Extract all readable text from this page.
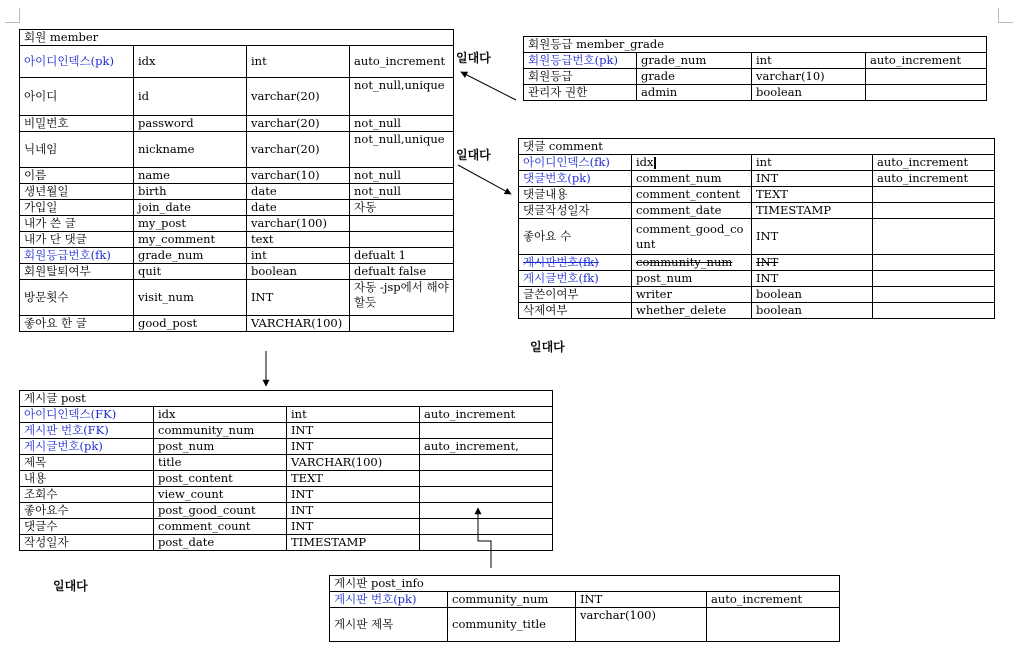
회원 member			
아이디인덱스(pk)	idx	int	auto_increment
아이디	id	varchar(20)	not_null,unique
비밀번호	password	varchar(20)	not_null
닉네임	nickname	varchar(20)	not_null,unique
이름	name	varchar(10)	not_null
생년월일	birth	date	not_null
가입일	join_date	date	자동
내가 쓴 글	my_post	varchar(100)	
내가 단 댓글	my_comment	text	
회원등급번호(fk)	grade_num	int	defualt 1
회원탈퇴여부	quit	boolean	defualt false
방문횟수	visit_num	INT	자동 -jsp에서 해야할듯
좋아요 한 글	good_post	VARCHAR(100)	
회원등급 member_grade			
회원등급번호(pk)	grade_num	int	auto_increment
회원등급	grade	varchar(10)	
관리자 권한	admin	boolean	
댓글 comment			
아이디인덱스(fk)	idx	int	auto_increment
댓글번호(pk)	comment_num	INT	auto_increment
댓글내용	comment_content	TEXT	
댓글작성일자	comment_date	TIMESTAMP	
좋아요 수	comment_good_count	INT	
게시판번호(fk)	community_num	INT	
게시글번호(fk)	post_num	INT	
글쓴이여부	writer	boolean	
삭제여부	whether_delete	boolean	
게시글 post			
아이디인덱스(FK)	idx	int	auto_increment
게시판 번호(FK)	community_num	INT	
게시글번호(pk)	post_num	INT	auto_increment,
제목	title	VARCHAR(100)	
내용	post_content	TEXT	
조회수	view_count	INT	
좋아요수	post_good_count	INT	
댓글수	comment_count	INT	
작성일자	post_date	TIMESTAMP	
게시판 post_info			
게시판 번호(pk)	community_num	INT	auto_increment
게시판 제목	community_title	varchar(100)	
일대다
일대다
일대다
일대다
